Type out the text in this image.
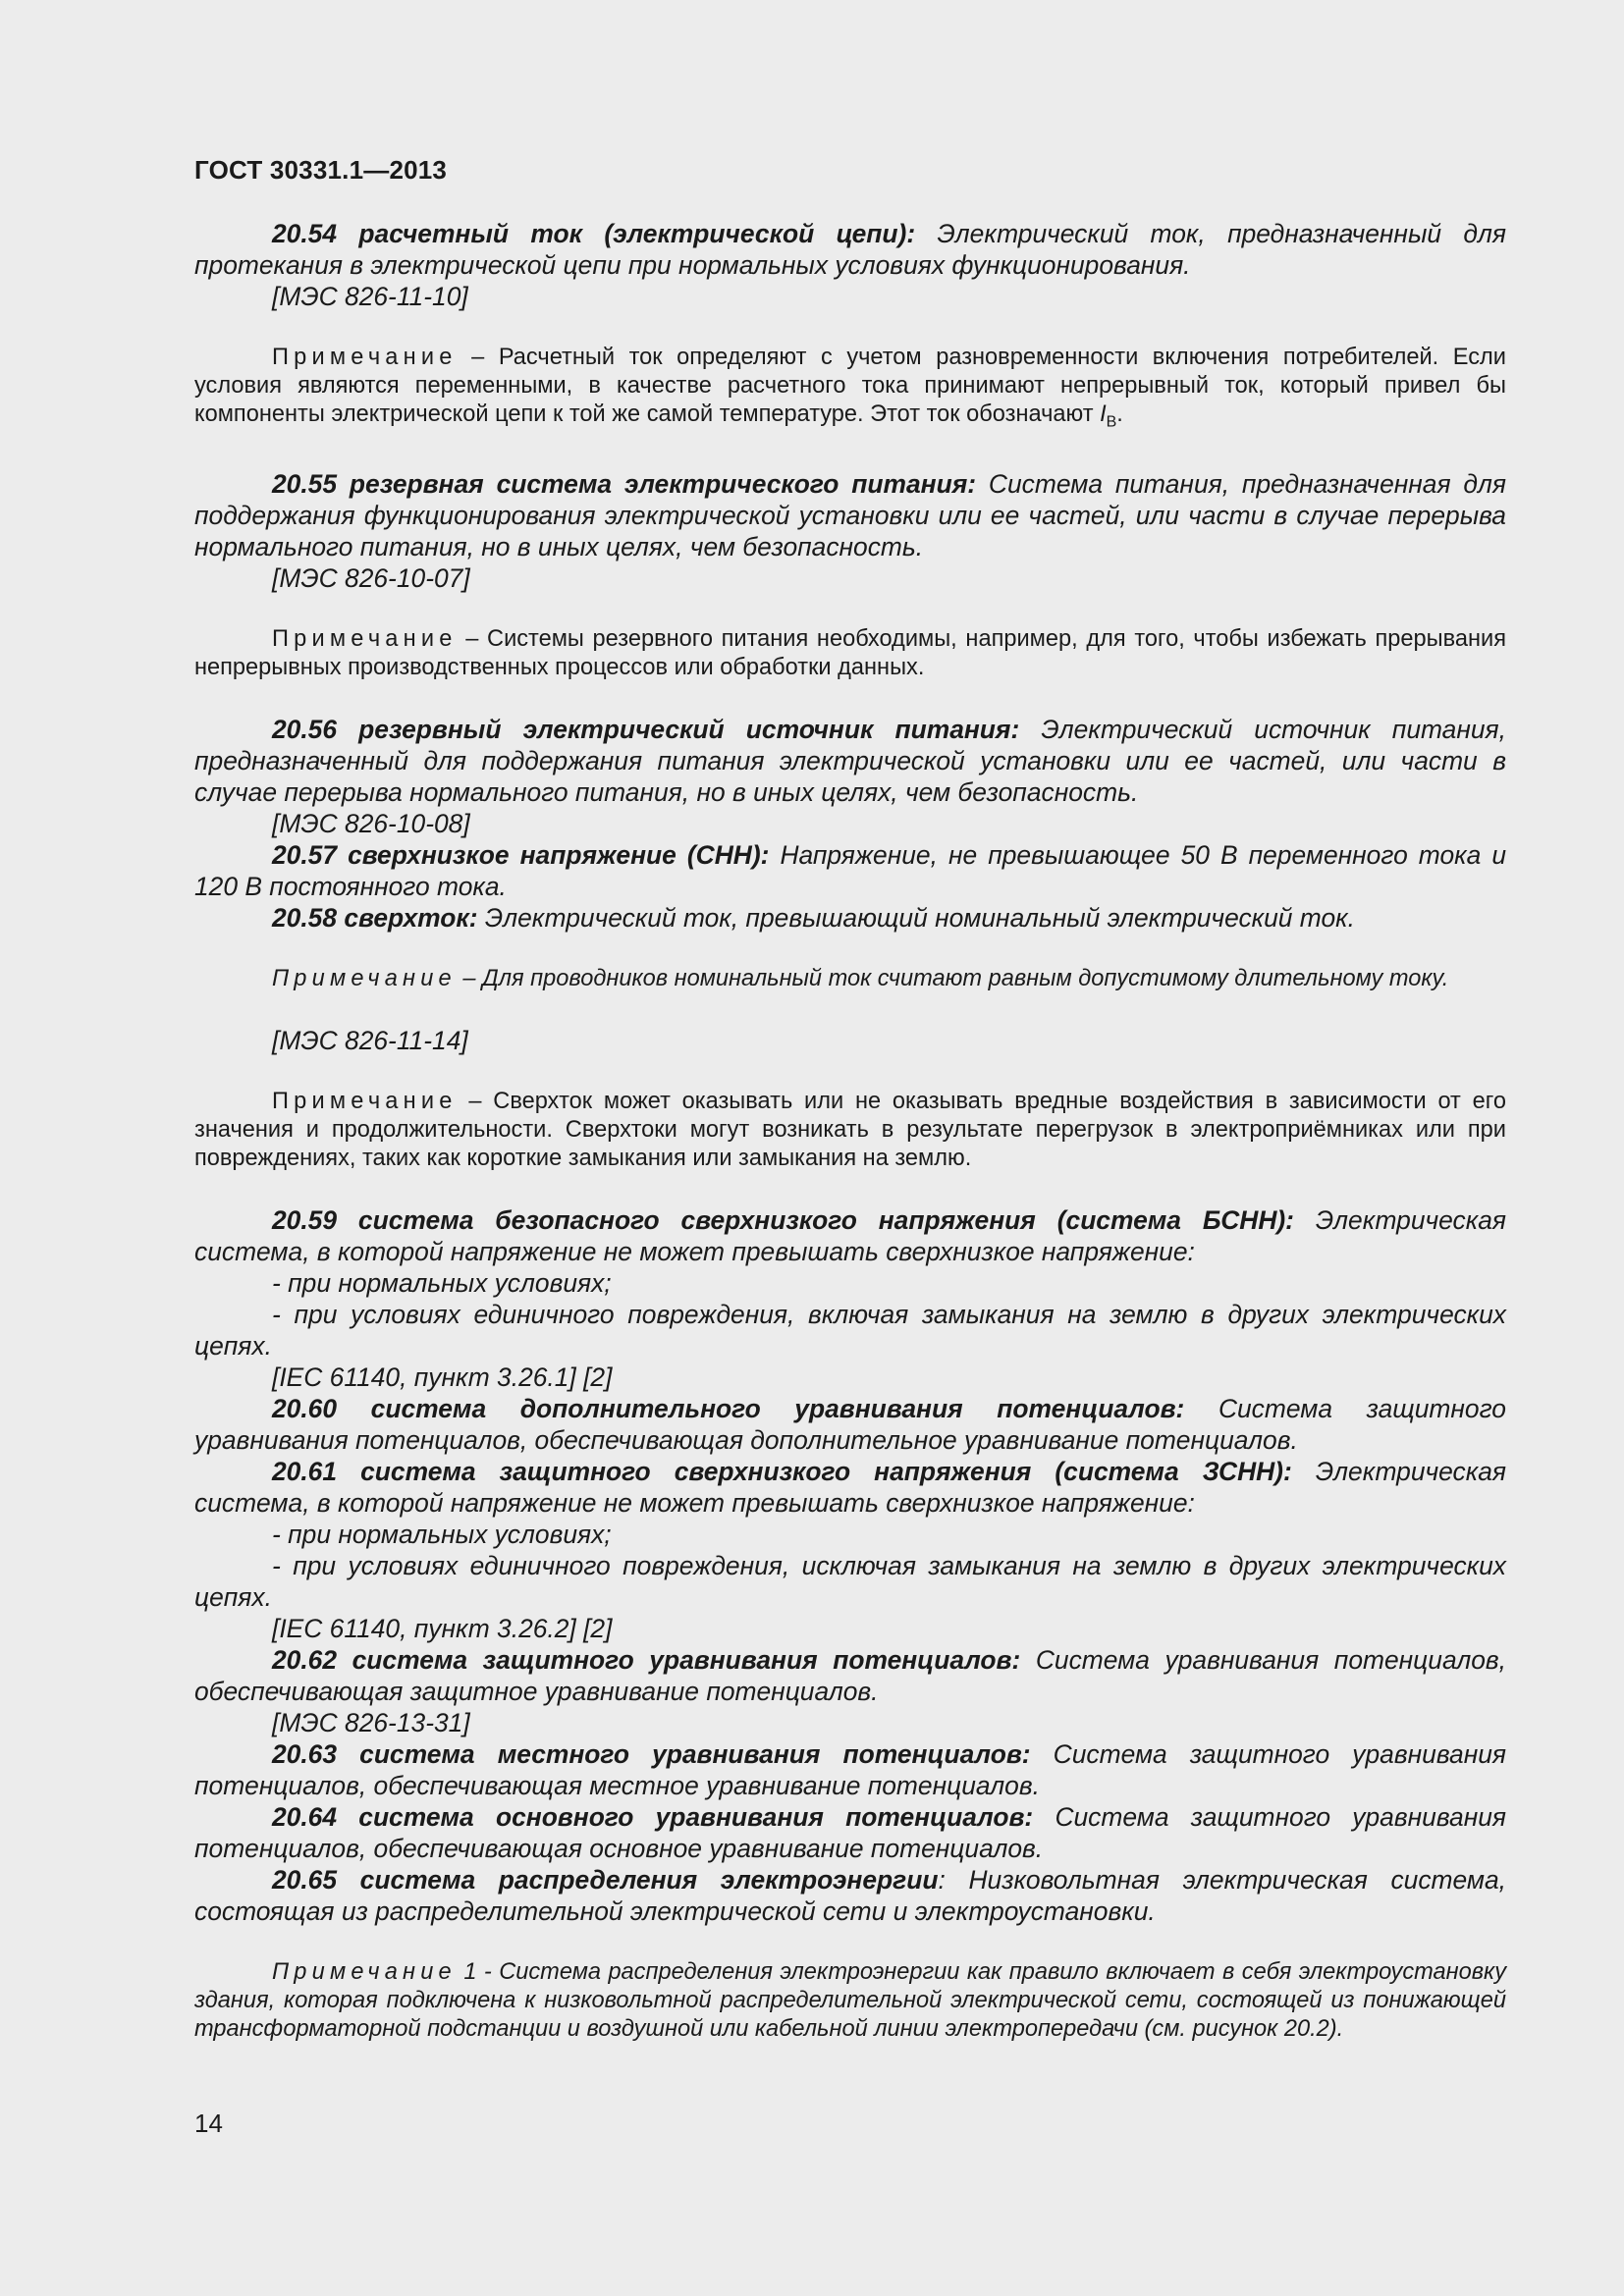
ГОСТ 30331.1—2013

20.54 расчетный ток (электрической цепи): Электрический ток, предназначенный для протекания в электрической цепи при нормальных условиях функционирования.

[МЭС 826-11-10]

Примечание – Расчетный ток определяют с учетом разновременности включения потребителей. Если условия являются переменными, в качестве расчетного тока принимают непрерывный ток, который привел бы компоненты электрической цепи к той же самой температуре. Этот ток обозначают $I_B$.

20.55 резервная система электрического питания: Система питания, предназначенная для поддержания функционирования электрической установки или ее частей, или части в случае перерыва нормального питания, но в иных целях, чем безопасность.

[МЭС 826-10-07]

Примечание – Системы резервного питания необходимы, например, для того, чтобы избежать прерывания непрерывных производственных процессов или обработки данных.

20.56 резервный электрический источник питания: Электрический источник питания, предназначенный для поддержания питания электрической установки или ее частей, или части в случае перерыва нормального питания, но в иных целях, чем безопасность.

[МЭС 826-10-08]

20.57 сверхнизкое напряжение (СНН): Напряжение, не превышающее 50 В переменного тока и 120 В постоянного тока.

20.58 сверхток: Электрический ток, превышающий номинальный электрический ток.

Примечание – Для проводников номинальный ток считают равным допустимому длительному току.

[МЭС 826-11-14]

Примечание – Сверхток может оказывать или не оказывать вредные воздействия в зависимости от его значения и продолжительности. Сверхтоки могут возникать в результате перегрузок в электроприёмниках или при повреждениях, таких как короткие замыкания или замыкания на землю.

20.59 система безопасного сверхнизкого напряжения (система БСНН): Электрическая система, в которой напряжение не может превышать сверхнизкое напряжение:

- при нормальных условиях;

- при условиях единичного повреждения, включая замыкания на землю в других электрических цепях.

[IEC 61140, пункт 3.26.1] [2]

20.60 система дополнительного уравнивания потенциалов: Система защитного уравнивания потенциалов, обеспечивающая дополнительное уравнивание потенциалов.

20.61 система защитного сверхнизкого напряжения (система ЗСНН): Электрическая система, в которой напряжение не может превышать сверхнизкое напряжение:

- при нормальных условиях;

- при условиях единичного повреждения, исключая замыкания на землю в других электрических цепях.

[IEC 61140, пункт 3.26.2] [2]

20.62 система защитного уравнивания потенциалов: Система уравнивания потенциалов, обеспечивающая защитное уравнивание потенциалов.

[МЭС 826-13-31]

20.63 система местного уравнивания потенциалов: Система защитного уравнивания потенциалов, обеспечивающая местное уравнивание потенциалов.

20.64 система основного уравнивания потенциалов: Система защитного уравнивания потенциалов, обеспечивающая основное уравнивание потенциалов.

20.65 система распределения электроэнергии: Низковольтная электрическая система, состоящая из распределительной электрической сети и электроустановки.

Примечание 1 - Система распределения электроэнергии как правило включает в себя электроустановку здания, которая подключена к низковольтной распределительной электрической сети, состоящей из понижающей трансформаторной подстанции и воздушной или кабельной линии электропередачи (см. рисунок 20.2).

14
